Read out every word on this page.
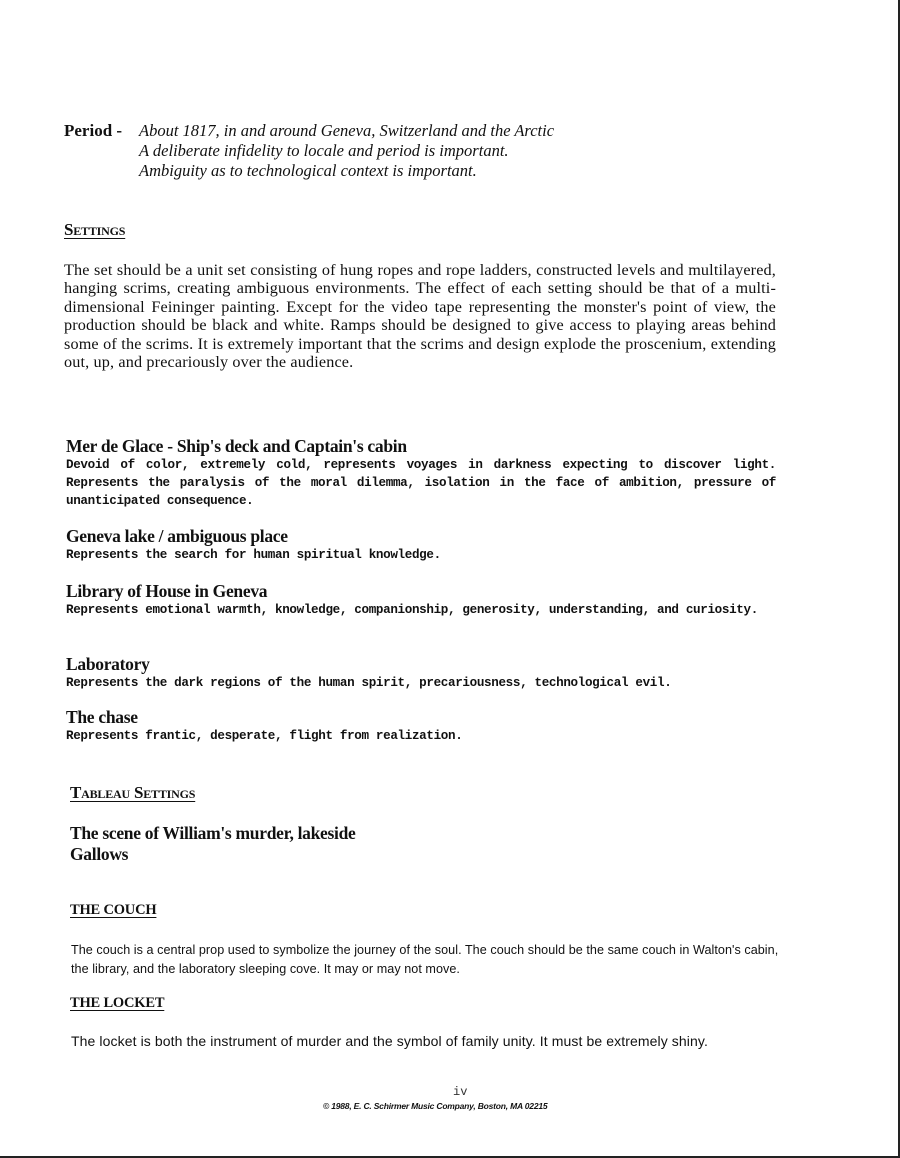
Period - About 1817, in and around Geneva, Switzerland and the Arctic
A deliberate infidelity to locale and period is important.
Ambiguity as to technological context is important.
Settings
The set should be a unit set consisting of hung ropes and rope ladders, constructed levels and multilayered, hanging scrims, creating ambiguous environments. The effect of each setting should be that of a multi-dimensional Feininger painting. Except for the video tape representing the monster's point of view, the production should be black and white. Ramps should be designed to give access to playing areas behind some of the scrims. It is extremely important that the scrims and design explode the proscenium, extending out, up, and precariously over the audience.
Mer de Glace - Ship's deck and Captain's cabin
Devoid of color, extremely cold, represents voyages in darkness expecting to discover light. Represents the paralysis of the moral dilemma, isolation in the face of ambition, pressure of unanticipated consequence.
Geneva lake / ambiguous place
Represents the search for human spiritual knowledge.
Library of House in Geneva
Represents emotional warmth, knowledge, companionship, generosity, understanding, and curiosity.
Laboratory
Represents the dark regions of the human spirit, precariousness, technological evil.
The chase
Represents frantic, desperate, flight from realization.
Tableau Settings
The scene of William's murder, lakeside
Gallows
THE COUCH
The couch is a central prop used to symbolize the journey of the soul. The couch should be the same couch in Walton's cabin, the library, and the laboratory sleeping cove. It may or may not move.
THE LOCKET
The locket is both the instrument of murder and the symbol of family unity. It must be extremely shiny.
iv
© 1988, E. C. Schirmer Music Company, Boston, MA 02215
